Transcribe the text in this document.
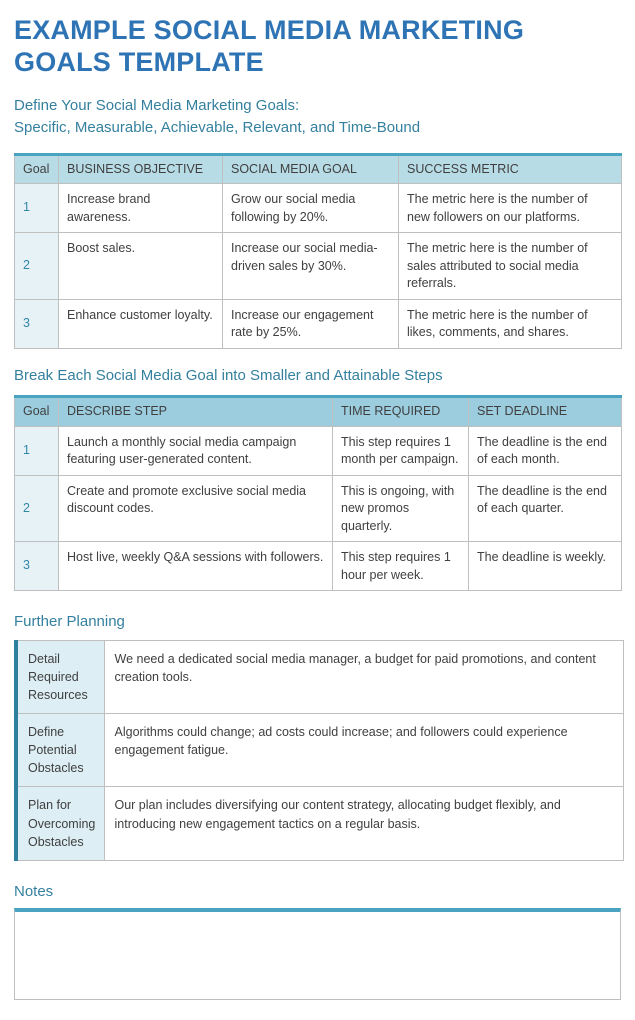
EXAMPLE SOCIAL MEDIA MARKETING GOALS TEMPLATE
Define Your Social Media Marketing Goals:
Specific, Measurable, Achievable, Relevant, and Time-Bound
Goal	BUSINESS OBJECTIVE	SOCIAL MEDIA GOAL	SUCCESS METRIC
1	Increase brand awareness.	Grow our social media following by 20%.	The metric here is the number of new followers on our platforms.
2	Boost sales.	Increase our social media-driven sales by 30%.	The metric here is the number of sales attributed to social media referrals.
3	Enhance customer loyalty.	Increase our engagement rate by 25%.	The metric here is the number of likes, comments, and shares.
Break Each Social Media Goal into Smaller and Attainable Steps
Goal	DESCRIBE STEP	TIME REQUIRED	SET DEADLINE
1	Launch a monthly social media campaign featuring user-generated content.	This step requires 1 month per campaign.	The deadline is the end of each month.
2	Create and promote exclusive social media discount codes.	This is ongoing, with new promos quarterly.	The deadline is the end of each quarter.
3	Host live, weekly Q&A sessions with followers.	This step requires 1 hour per week.	The deadline is weekly.
Further Planning
Detail Required Resources	We need a dedicated social media manager, a budget for paid promotions, and content creation tools.
Define Potential Obstacles	Algorithms could change; ad costs could increase; and followers could experience engagement fatigue.
Plan for Overcoming Obstacles	Our plan includes diversifying our content strategy, allocating budget flexibly, and introducing new engagement tactics on a regular basis.
Notes
